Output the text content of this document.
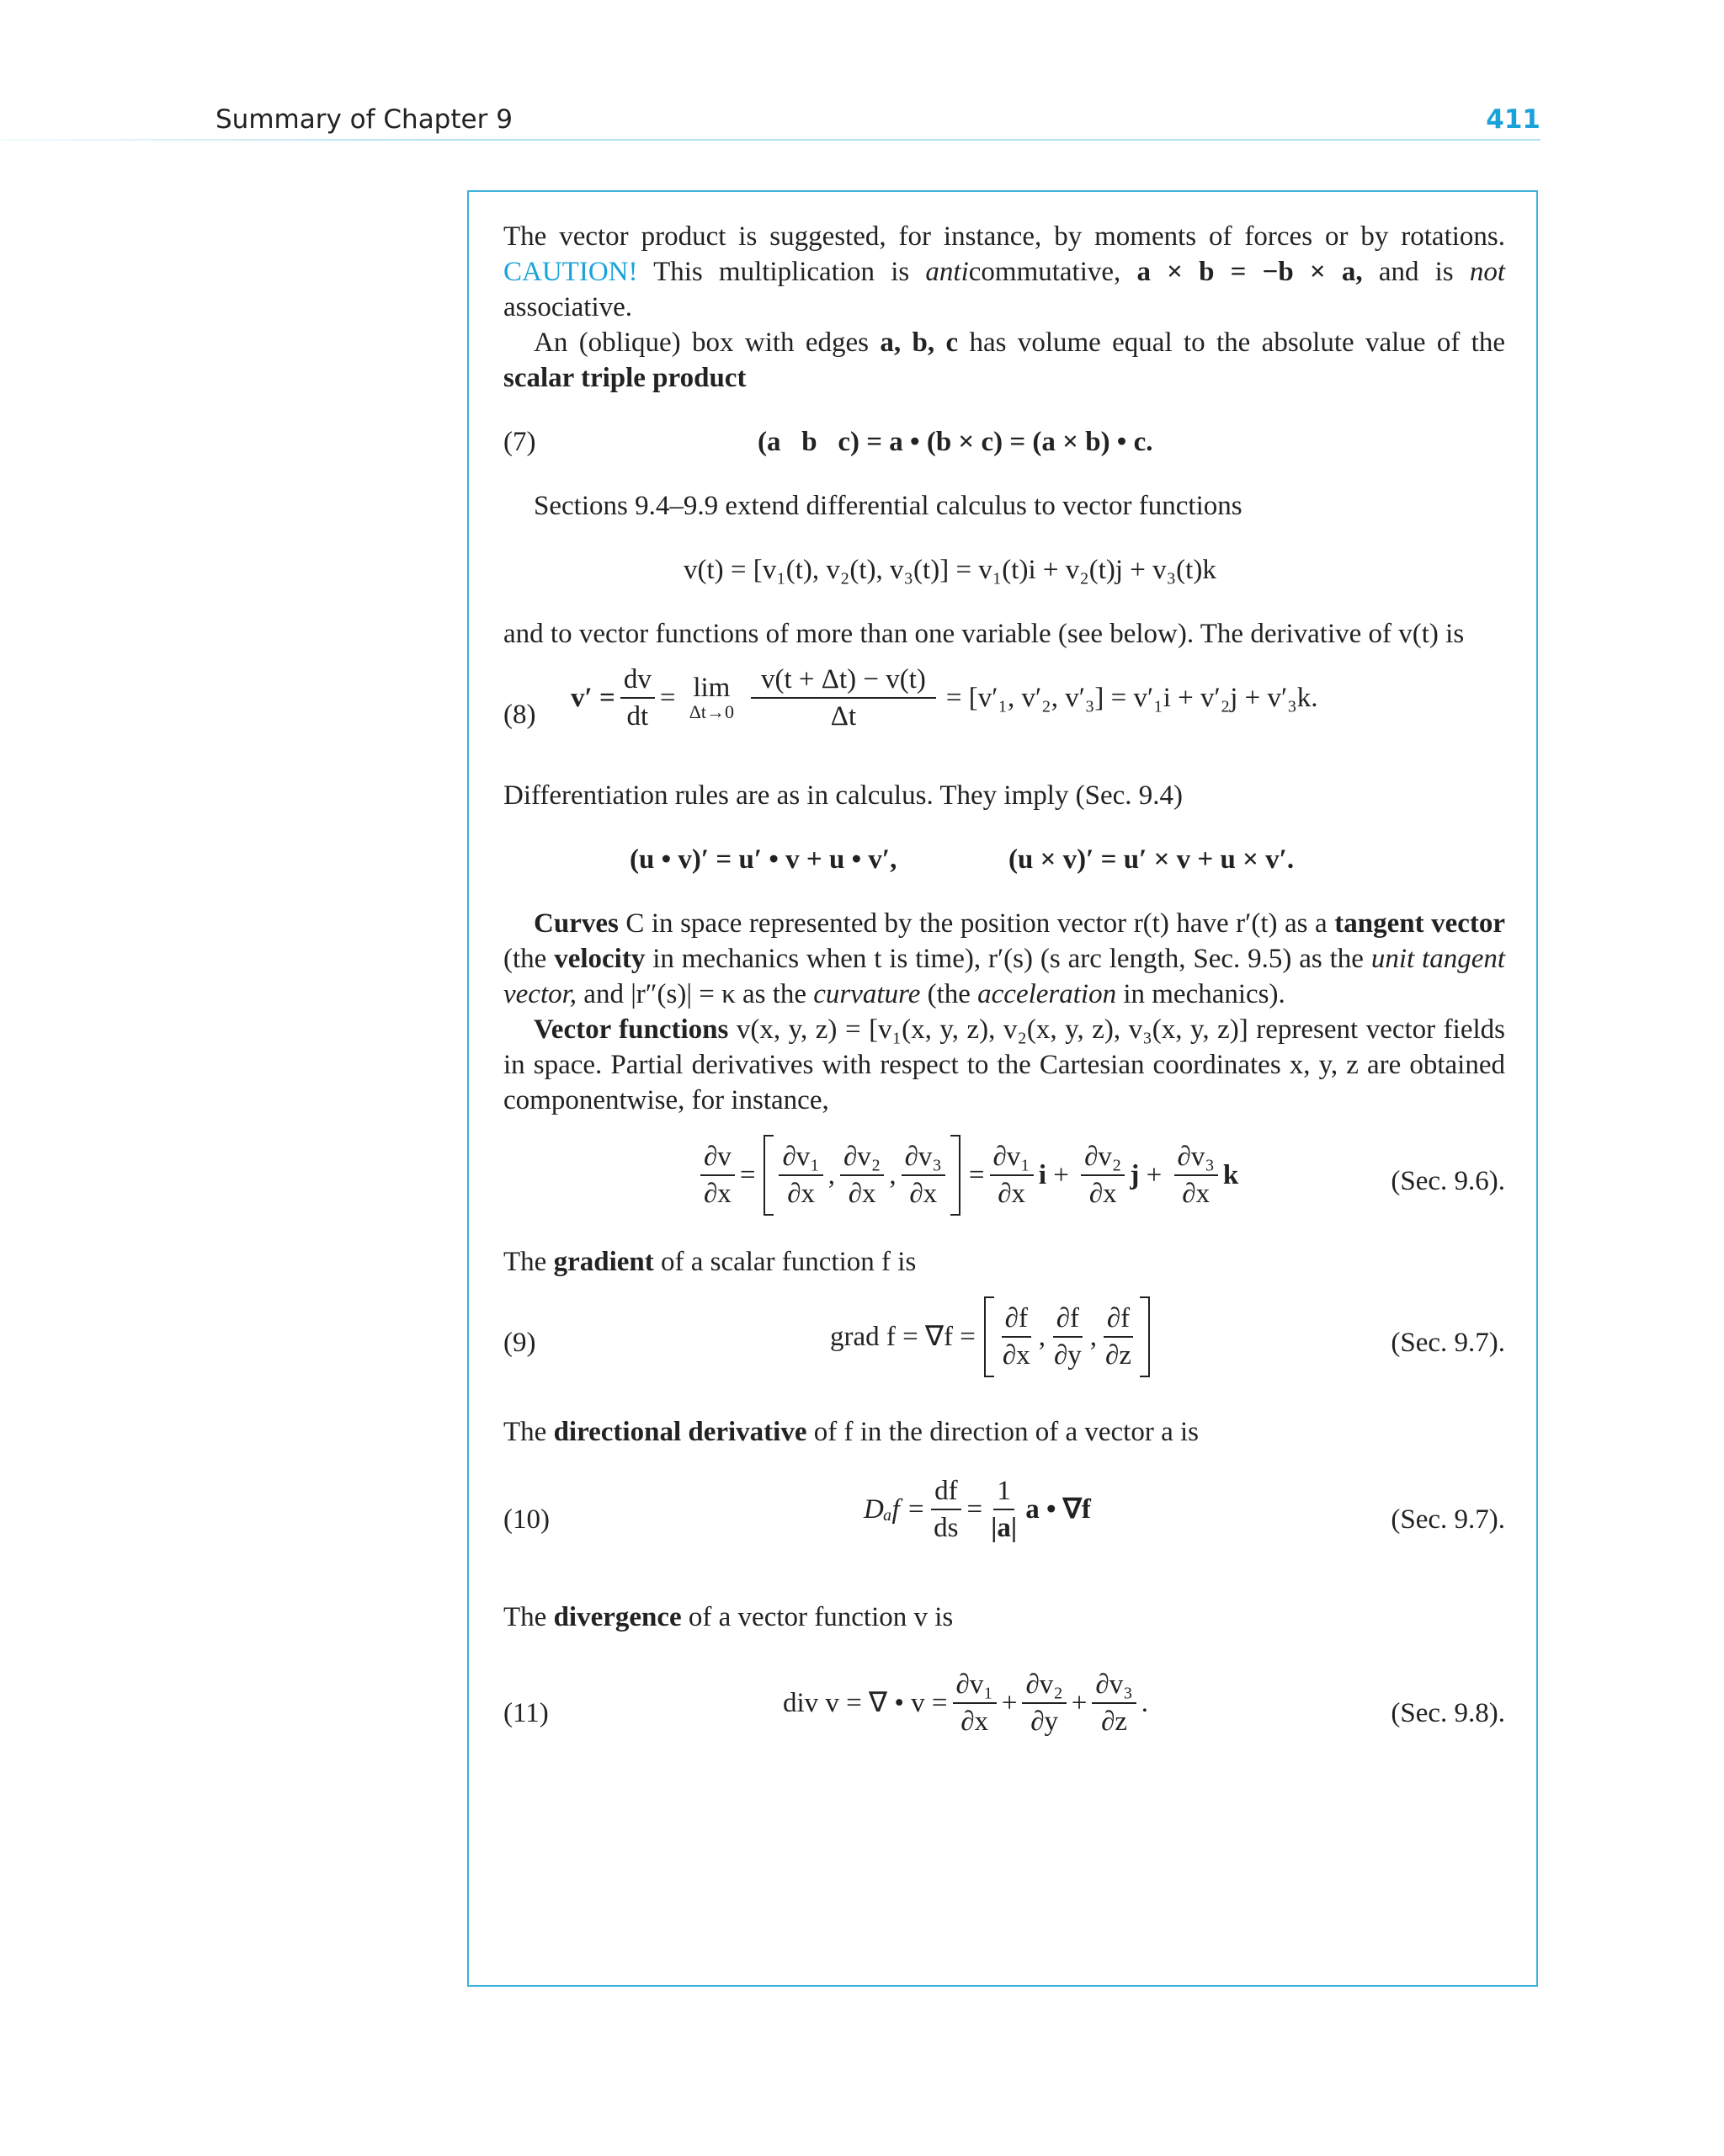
Summary of Chapter 9	411

The vector product is suggested, for instance, by moments of forces or by rotations. CAUTION! This multiplication is anticommutative, a × b = −b × a, and is not associative.

An (oblique) box with edges a, b, c has volume equal to the absolute value of the scalar triple product

(7)	(a   b   c) = a • (b × c) = (a × b) • c.

Sections 9.4–9.9 extend differential calculus to vector functions

v(t) = [v₁(t), v₂(t), v₃(t)] = v₁(t)i + v₂(t)j + v₃(t)k

and to vector functions of more than one variable (see below). The derivative of v(t) is

(8)
$v' = \frac{dv}{dt} = \lim$
$\Delta t\to 0 \frac{v(t + \Delta t) - v(t)}{\Delta t} = [v'_1$, v′₂, v′₃] = v′₁i + v′₂j + v′₃k.

Differentiation rules are as in calculus. They imply (Sec. 9.4)

(u • v)′ = u′ • v + u • v′,	(u × v)′ = u′ × v + u × v′.

Curves C in space represented by the position vector r(t) have r′(t) as a tangent vector (the velocity in mechanics when t is time), r′(s) (s arc length, Sec. 9.5) as the unit tangent vector, and |r″(s)| = κ as the curvature (the acceleration in mechanics).

Vector functions v(x, y, z) = [v₁(x, y, z), v₂(x, y, z), v₃(x, y, z)] represent vector fields in space. Partial derivatives with respect to the Cartesian coordinates x, y, z are obtained componentwise, for instance,

$\frac{\partial v}{\partial x} = \frac{\text{∂v₁}}{\partial x}$ , $\frac{\text{∂v₂}}{\partial x}$ , $\frac{\text{∂v₃}}{\partial x} = \frac{\text{∂v₁}}{\partial x}$ $i + \frac{\text{∂v₂}}{\partial x}$ $j + \frac{\text{∂v₃}}{\partial x}$ k	(Sec. 9.6).

The gradient of a scalar function f is

(9)	grad $f = \nabla f = \frac{\partial f}{\partial x}$ , $\frac{\partial f}{\partial y}$ , $\frac{\partial f}{\partial z}$	(Sec. 9.7).

The directional derivative of f in the direction of a vector a is

(10)	$D_af = \frac{df}{ds} = \frac{1}{|a|}$ a • ∇f	(Sec. 9.7).

The divergence of a vector function v is

(11)	div v = ∇ • $v = \frac{\text{∂v₁}}{\partial x} + \frac{\text{∂v₂}}{\partial y} + \frac{\text{∂v₃}}{\partial z}$ .	(Sec. 9.8).
